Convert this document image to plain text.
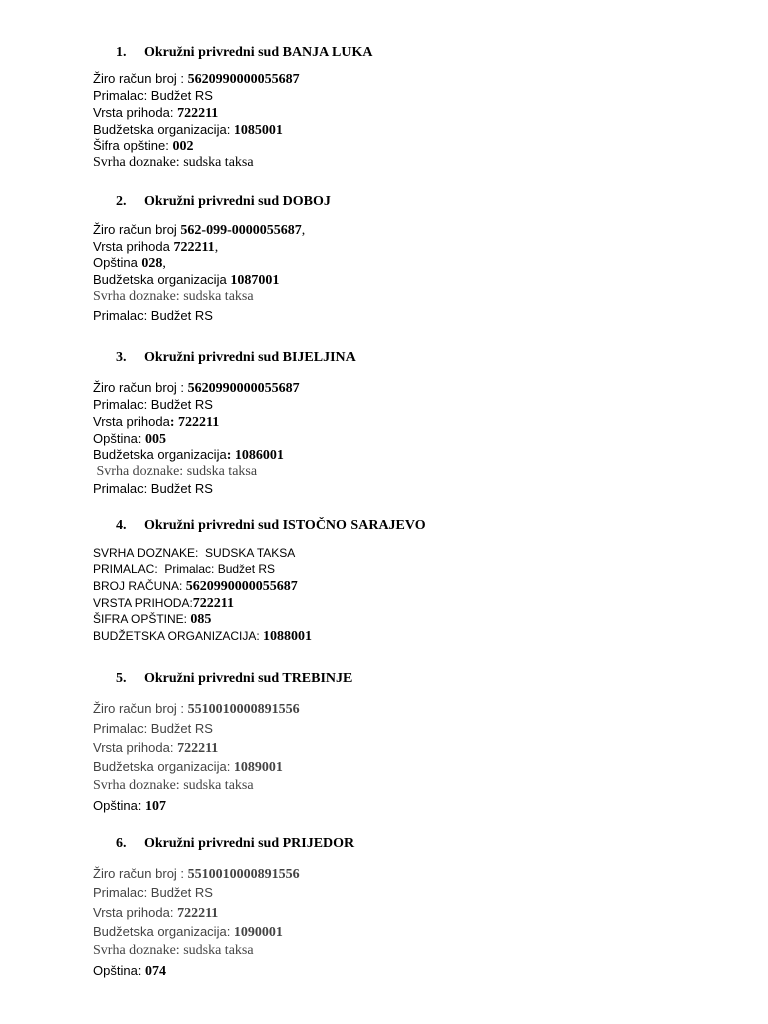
1. Okružni privredni sud BANJA LUKA
Žiro račun broj : 5620990000055687
Primalac: Budžet RS
Vrsta prihoda: 722211
Budžetska organizacija: 1085001
Šifra opštine: 002
Svrha doznake: sudska taksa
2. Okružni privredni sud DOBOJ
Žiro račun broj 562-099-0000055687,
Vrsta prihoda 722211,
Opština 028,
Budžetska organizacija 1087001
Svrha doznake: sudska taksa
Primalac: Budžet RS
3. Okružni privredni sud BIJELJINA
Žiro račun broj : 5620990000055687
Primalac: Budžet RS
Vrsta prihoda: 722211
Opština: 005
Budžetska organizacija: 1086001
Svrha doznake: sudska taksa
Primalac: Budžet RS
4. Okružni privredni sud ISTOČNO SARAJEVO
SVRHA DOZNAKE:  SUDSKA TAKSA
PRIMALAC:  Primalac: Budžet RS
BROJ RAČUNA: 5620990000055687
VRSTA PRIHODA:722211
ŠIFRA OPŠTINE: 085
BUDŽETSKA ORGANIZACIJA: 1088001
5. Okružni privredni sud TREBINJE
Žiro račun broj : 5510010000891556
Primalac: Budžet RS
Vrsta prihoda: 722211
Budžetska organizacija: 1089001
Svrha doznake: sudska taksa
Opština: 107
6. Okružni privredni sud PRIJEDOR
Žiro račun broj : 5510010000891556
Primalac: Budžet RS
Vrsta prihoda: 722211
Budžetska organizacija: 1090001
Svrha doznake: sudska taksa
Opština: 074
